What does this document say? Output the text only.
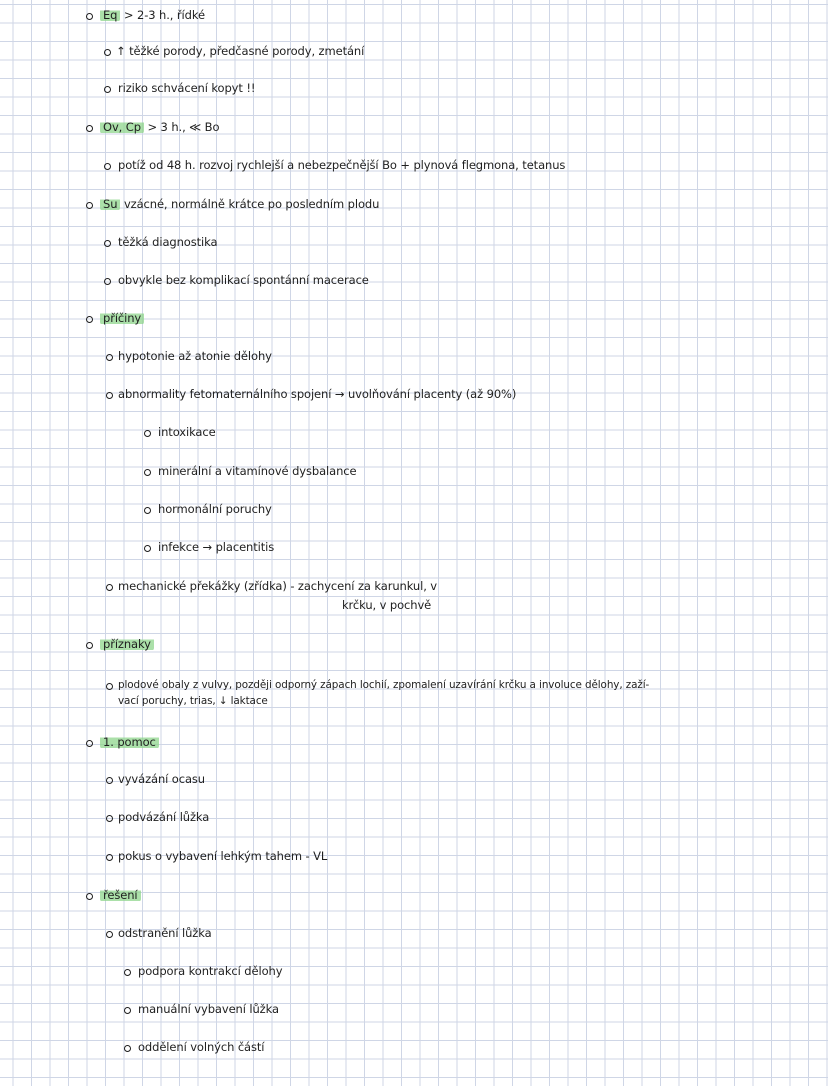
Eq > 2-3 h., řídké
↑ těžké porody, předčasné porody, zmetání
riziko schvácení kopyt !!
Ov, Cp > 3 h., ≪ Bo
potíž od 48 h. rozvoj rychlejší a nebezpečnější Bo + plynová flegmona, tetanus
Su vzácné, normálně krátce po posledním plodu
těžká diagnostika
obvykle bez komplikací spontánní macerace
příčiny
hypotonie až atonie dělohy
abnormality fetomaternálního spojení → uvolňování placenty (až 90%)
intoxikace
minerální a vitamínové dysbalance
hormonální poruchy
infekce → placentitis
mechanické překážky (zřídka) - zachycení za karunkul, v
krčku, v pochvě
příznaky
plodové obaly z vulvy, později odporný zápach lochií, zpomalení uzavírání krčku a involuce dělohy, zaží-
vací poruchy, trias, ↓ laktace
1. pomoc
vyvázání ocasu
podvázání lůžka
pokus o vybavení lehkým tahem - VL
řešení
odstranění lůžka
podpora kontrakcí dělohy
manuální vybavení lůžka
oddělení volných částí
